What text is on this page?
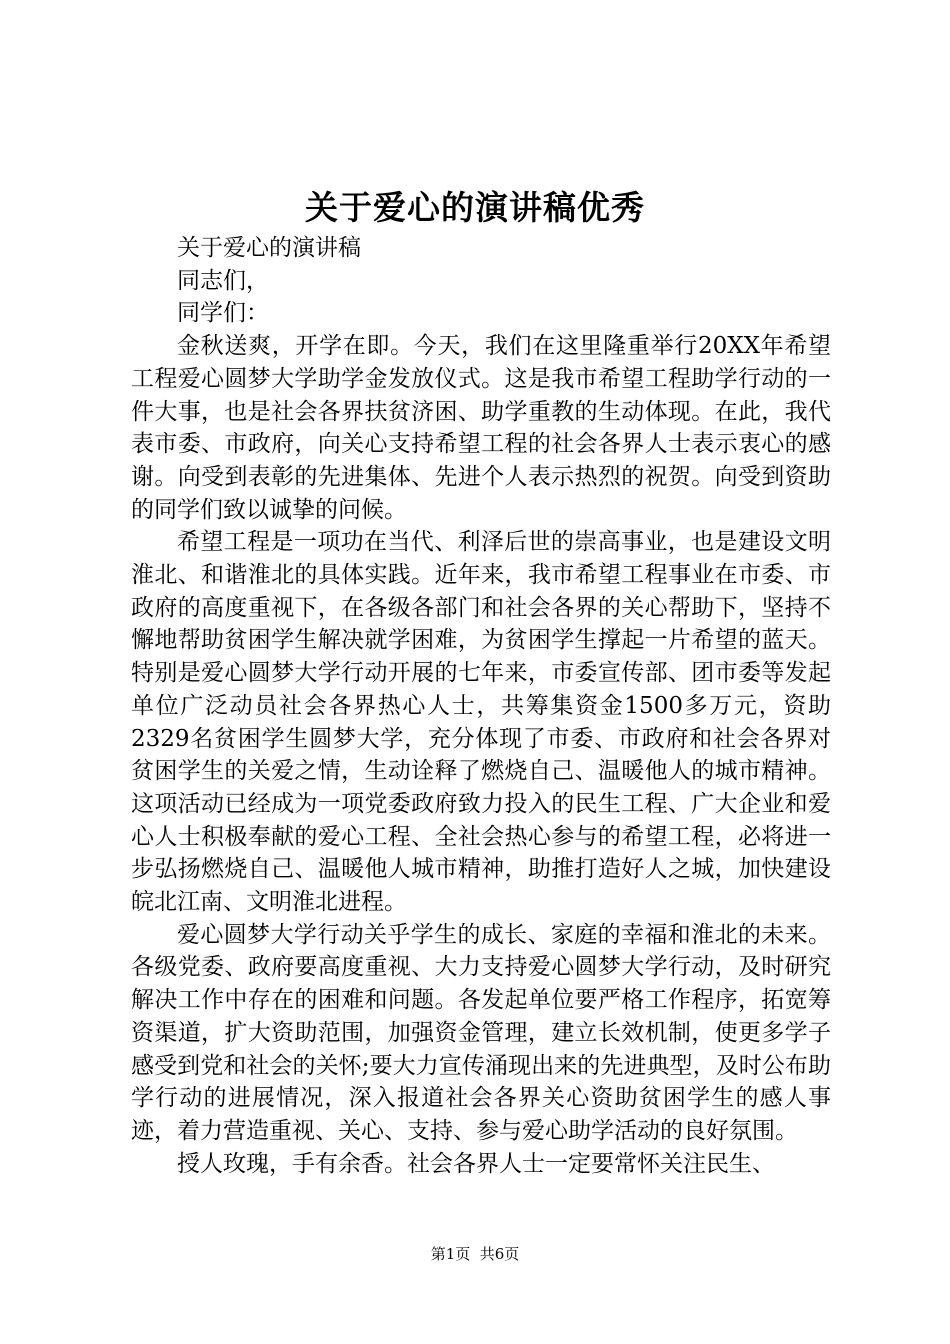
关于爱心的演讲稿优秀

关于爱心的演讲稿

同志们，

同学们：

金秋送爽，开学在即。今天，我们在这里隆重举行20XX年希望工程爱心圆梦大学助学金发放仪式。这是我市希望工程助学行动的一件大事，也是社会各界扶贫济困、助学重教的生动体现。在此，我代表市委、市政府，向关心支持希望工程的社会各界人士表示衷心的感谢。向受到表彰的先进集体、先进个人表示热烈的祝贺。向受到资助的同学们致以诚挚的问候。

希望工程是一项功在当代、利泽后世的崇高事业，也是建设文明淮北、和谐淮北的具体实践。近年来，我市希望工程事业在市委、市政府的高度重视下，在各级各部门和社会各界的关心帮助下，坚持不懈地帮助贫困学生解决就学困难，为贫困学生撑起一片希望的蓝天。特别是爱心圆梦大学行动开展的七年来，市委宣传部、团市委等发起单位广泛动员社会各界热心人士，共筹集资金1500多万元，资助2329名贫困学生圆梦大学，充分体现了市委、市政府和社会各界对贫困学生的关爱之情，生动诠释了燃烧自己、温暖他人的城市精神。这项活动已经成为一项党委政府致力投入的民生工程、广大企业和爱心人士积极奉献的爱心工程、全社会热心参与的希望工程，必将进一步弘扬燃烧自己、温暖他人城市精神，助推打造好人之城，加快建设皖北江南、文明淮北进程。

爱心圆梦大学行动关乎学生的成长、家庭的幸福和淮北的未来。各级党委、政府要高度重视、大力支持爱心圆梦大学行动，及时研究解决工作中存在的困难和问题。各发起单位要严格工作程序，拓宽筹资渠道，扩大资助范围，加强资金管理，建立长效机制，使更多学子感受到党和社会的关怀;要大力宣传涌现出来的先进典型，及时公布助学行动的进展情况，深入报道社会各界关心资助贫困学生的感人事迹，着力营造重视、关心、支持、参与爱心助学活动的良好氛围。

授人玫瑰，手有余香。社会各界人士一定要常怀关注民生、

第1页  共6页
